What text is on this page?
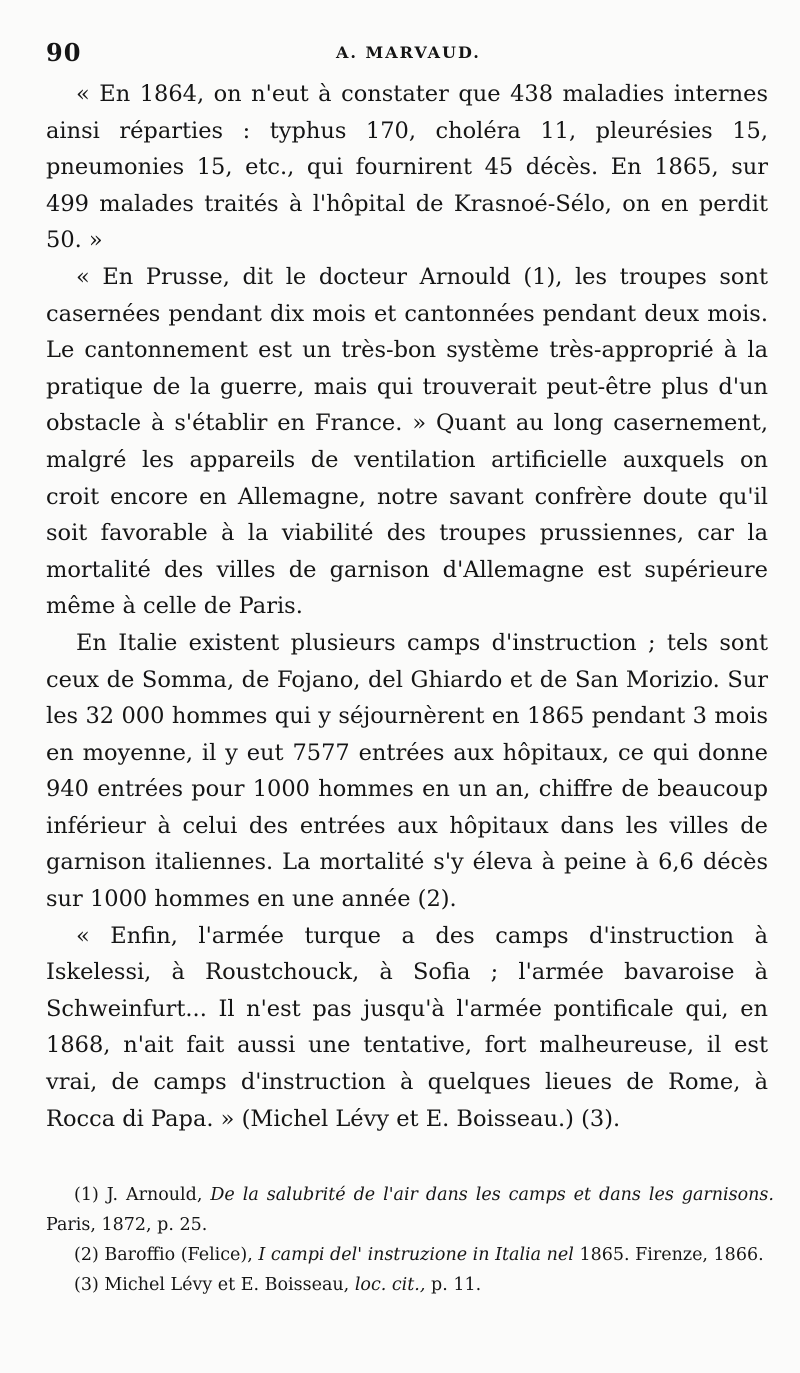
90	A. MARVAUD.

« En 1864, on n'eut à constater que 438 maladies internes ainsi réparties : typhus 170, choléra 11, pleurésies 15, pneumonies 15, etc., qui fournirent 45 décès. En 1865, sur 499 malades traités à l'hôpital de Krasnoé-Sélo, on en perdit 50. »

« En Prusse, dit le docteur Arnould (1), les troupes sont casernées pendant dix mois et cantonnées pendant deux mois. Le cantonnement est un très-bon système très-approprié à la pratique de la guerre, mais qui trouverait peut-être plus d'un obstacle à s'établir en France. » Quant au long casernement, malgré les appareils de ventilation artificielle auxquels on croit encore en Allemagne, notre savant confrère doute qu'il soit favorable à la viabilité des troupes prussiennes, car la mortalité des villes de garnison d'Allemagne est supérieure même à celle de Paris.

En Italie existent plusieurs camps d'instruction ; tels sont ceux de Somma, de Fojano, del Ghiardo et de San Morizio. Sur les 32 000 hommes qui y séjournèrent en 1865 pendant 3 mois en moyenne, il y eut 7577 entrées aux hôpitaux, ce qui donne 940 entrées pour 1000 hommes en un an, chiffre de beaucoup inférieur à celui des entrées aux hôpitaux dans les villes de garnison italiennes. La mortalité s'y éleva à peine à 6,6 décès sur 1000 hommes en une année (2).

« Enfin, l'armée turque a des camps d'instruction à Iskelessi, à Roustchouck, à Sofia ; l'armée bavaroise à Schweinfurt... Il n'est pas jusqu'à l'armée pontificale qui, en 1868, n'ait fait aussi une tentative, fort malheureuse, il est vrai, de camps d'instruction à quelques lieues de Rome, à Rocca di Papa. » (Michel Lévy et E. Boisseau.) (3).

(1) J. Arnould, De la salubrité de l'air dans les camps et dans les garnisons. Paris, 1872, p. 25.

(2) Baroffio (Felice), I campi del' instruzione in Italia nel 1865. Firenze, 1866.

(3) Michel Lévy et E. Boisseau, loc. cit., p. 11.
